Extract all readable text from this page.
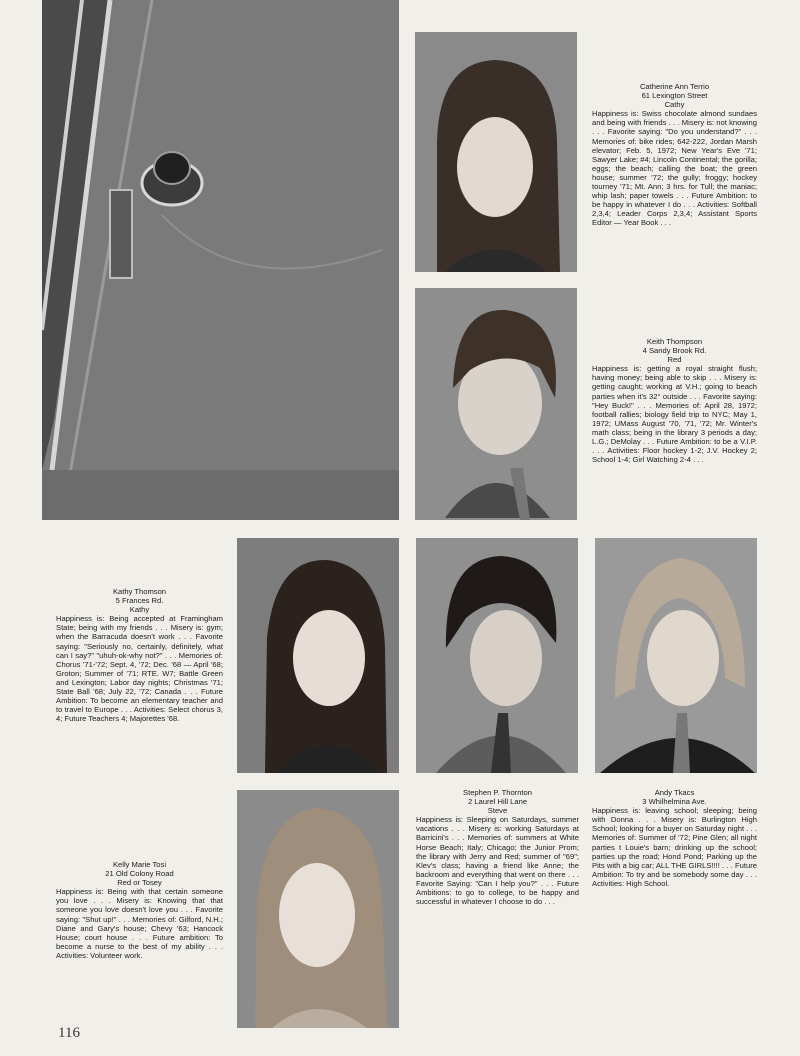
Catherine Ann Terrio
61 Lexington Street
Cathy
Happiness is: Swiss chocolate almond sundaes and being with friends . . . Misery is: not knowing . . . Favorite saying: "Do you understand?" . . . Memories of: bike rides; 642-222, Jordan Marsh elevator; Feb. 5, 1972; New Year's Eve '71; Sawyer Lake; #4; Lincoln Continental; the gorilla; eggs; the beach; calling the boat; the green house; summer '72; the gully; froggy; hockey tourney '71; Mt. Ann; 3 hrs. for Tull; the maniac; whip lash; paper towels . . . Future Ambition: to be happy in whatever I do . . . Activities: Softball 2,3,4; Leader Corps 2,3,4; Assistant Sports Editor — Year Book . . .
Keith Thompson
4 Sandy Brook Rd.
Red
Happiness is: getting a royal straight flush; having money; being able to skip . . . Misery is: getting caught; working at V.H.; going to beach parties when it's 32° outside . . . Favorite saying: "Hey Buck!" . . . Memories of: April 28, 1972; football rallies; biology field trip to NYC; May 1, 1972; UMass August '70, '71, '72; Mr. Winter's math class; being in the library 3 periods a day; L.G.; DeMolay . . . Future Ambition: to be a V.I.P. . . . Activities: Floor hockey 1-2; J.V. Hockey 2; School 1-4; Girl Watching 2-4 . . .
Kathy Thomson
5 Frances Rd.
Kathy
Happiness is: Being accepted at Framingham State; being with my friends . . . Misery is: gym; when the Barracuda doesn't work . . . Favorite saying: "Seriously no, certainly, definitely, what can I say?" "uhuh-ok-why not?" . . . Memories of: Chorus '71-'72; Sept. 4, '72; Dec. '68 — April '68; Groton; Summer of '71; RTE. W7; Battle Green and Lexington; Labor day nights; Christmas '71; State Ball '68; July 22, '72; Canada . . . Future Ambition: To become an elementary teacher and to travel to Europe . . . Activities: Select chorus 3, 4; Future Teachers 4; Majorettes '68.
Stephen P. Thornton
2 Laurel Hill Lane
Steve
Happiness is: Sleeping on Saturdays, summer vacations . . . Misery is: working Saturdays at Barricini's . . . Memories of: summers at White Horse Beach; Italy; Chicago; the Junior Prom; the library with Jerry and Red; summer of "69"; Klev's class; having a friend like Anne; the backroom and everything that went on there . . . Favorite Saying: "Can I help you?" . . . Future Ambitions: to go to college, to be happy and successful in whatever I choose to do . . .
Andy Tkacs
3 Whilhelmina Ave.
Happiness is: leaving school; sleeping; being with Donna . . . Misery is: Burlington High School; looking for a buyer on Saturday night . . . Memories of: Summer of '72; Pine Glen; all night parties t Louie's barn; drinking up the school; parties up the road; Hond Pond; Parking up the Pits with a big car; ALL THE GIRLS!!!! . . . Future Ambition: To try and be somebody some day . . . Activities: High School.
Kelly Marie Tosi
21 Old Colony Road
Red or Tosey
Happiness is: Being with that certain someone you love . . . Misery is: Knowing that that someone you love doesn't love you . . . Favorite saying: "Shut up!" . . . Memories of: Gilford, N.H.; Diane and Gary's house; Chevy '63; Hancock House; court house . . . Future ambition: To become a nurse to the best of my ability . . . Activities: Volunteer work.
116
